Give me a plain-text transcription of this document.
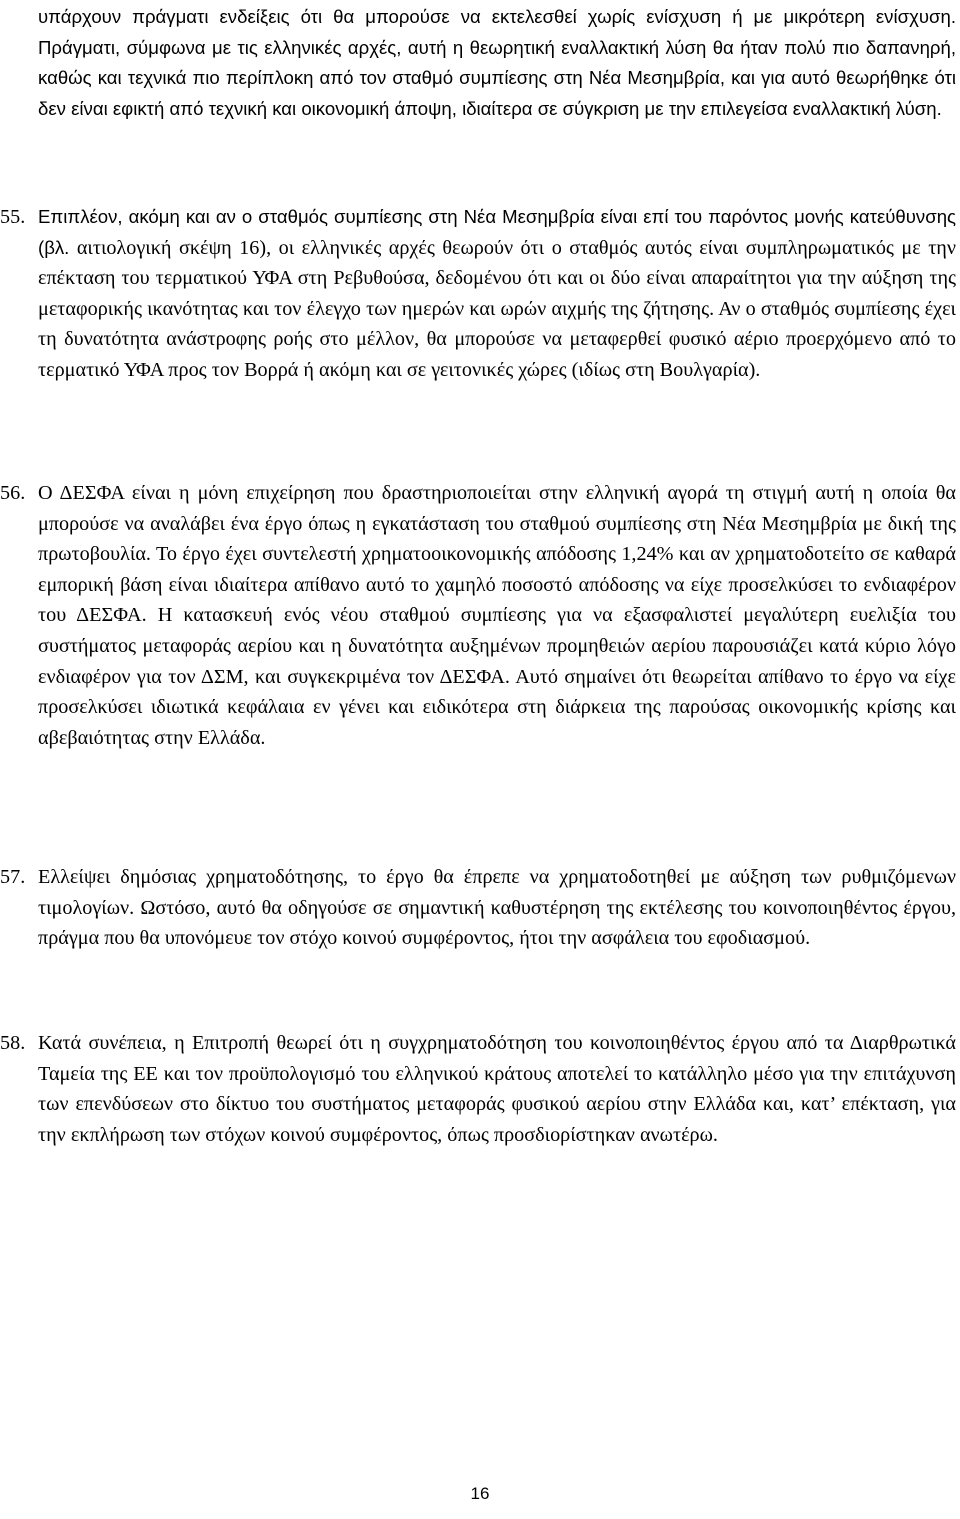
υπάρχουν πράγματι ενδείξεις ότι θα μπορούσε να εκτελεσθεί χωρίς ενίσχυση ή με μικρότερη ενίσχυση. Πράγματι, σύμφωνα με τις ελληνικές αρχές, αυτή η θεωρητική εναλλακτική λύση θα ήταν πολύ πιο δαπανηρή, καθώς και τεχνικά πιο περίπλοκη από τον σταθμό συμπίεσης στη Νέα Μεσημβρία, και για αυτό θεωρήθηκε ότι δεν είναι εφικτή από τεχνική και οικονομική άποψη, ιδιαίτερα σε σύγκριση με την επιλεγείσα εναλλακτική λύση.

55. Επιπλέον, ακόμη και αν ο σταθμός συμπίεσης στη Νέα Μεσημβρία είναι επί του παρόντος μονής κατεύθυνσης (βλ. αιτιολογική σκέψη 16), οι ελληνικές αρχές θεωρούν ότι ο σταθμός αυτός είναι συμπληρωματικός με την επέκταση του τερματικού ΥΦΑ στη Ρεβυθούσα, δεδομένου ότι και οι δύο είναι απαραίτητοι για την αύξηση της μεταφορικής ικανότητας και τον έλεγχο των ημερών και ωρών αιχμής της ζήτησης. Αν ο σταθμός συμπίεσης έχει τη δυνατότητα ανάστροφης ροής στο μέλλον, θα μπορούσε να μεταφερθεί φυσικό αέριο προερχόμενο από το τερματικό ΥΦΑ προς τον Βορρά ή ακόμη και σε γειτονικές χώρες (ιδίως στη Βουλγαρία).

56. Ο ΔΕΣΦΑ είναι η μόνη επιχείρηση που δραστηριοποιείται στην ελληνική αγορά τη στιγμή αυτή η οποία θα μπορούσε να αναλάβει ένα έργο όπως η εγκατάσταση του σταθμού συμπίεσης στη Νέα Μεσημβρία με δική της πρωτοβουλία. Το έργο έχει συντελεστή χρηματοοικονομικής απόδοσης 1,24% και αν χρηματοδοτείτο σε καθαρά εμπορική βάση είναι ιδιαίτερα απίθανο αυτό το χαμηλό ποσοστό απόδοσης να είχε προσελκύσει το ενδιαφέρον του ΔΕΣΦΑ. Η κατασκευή ενός νέου σταθμού συμπίεσης για να εξασφαλιστεί μεγαλύτερη ευελιξία του συστήματος μεταφοράς αερίου και η δυνατότητα αυξημένων προμηθειών αερίου παρουσιάζει κατά κύριο λόγο ενδιαφέρον για τον ΔΣΜ, και συγκεκριμένα τον ΔΕΣΦΑ. Αυτό σημαίνει ότι θεωρείται απίθανο το έργο να είχε προσελκύσει ιδιωτικά κεφάλαια εν γένει και ειδικότερα στη διάρκεια της παρούσας οικονομικής κρίσης και αβεβαιότητας στην Ελλάδα.

57. Ελλείψει δημόσιας χρηματοδότησης, το έργο θα έπρεπε να χρηματοδοτηθεί με αύξηση των ρυθμιζόμενων τιμολογίων. Ωστόσο, αυτό θα οδηγούσε σε σημαντική καθυστέρηση της εκτέλεσης του κοινοποιηθέντος έργου, πράγμα που θα υπονόμευε τον στόχο κοινού συμφέροντος, ήτοι την ασφάλεια του εφοδιασμού.

58. Κατά συνέπεια, η Επιτροπή θεωρεί ότι η συγχρηματοδότηση του κοινοποιηθέντος έργου από τα Διαρθρωτικά Ταμεία της ΕΕ και τον προϋπολογισμό του ελληνικού κράτους αποτελεί το κατάλληλο μέσο για την επιτάχυνση των επενδύσεων στο δίκτυο του συστήματος μεταφοράς φυσικού αερίου στην Ελλάδα και, κατ’ επέκταση, για την εκπλήρωση των στόχων κοινού συμφέροντος, όπως προσδιορίστηκαν ανωτέρω.

16
